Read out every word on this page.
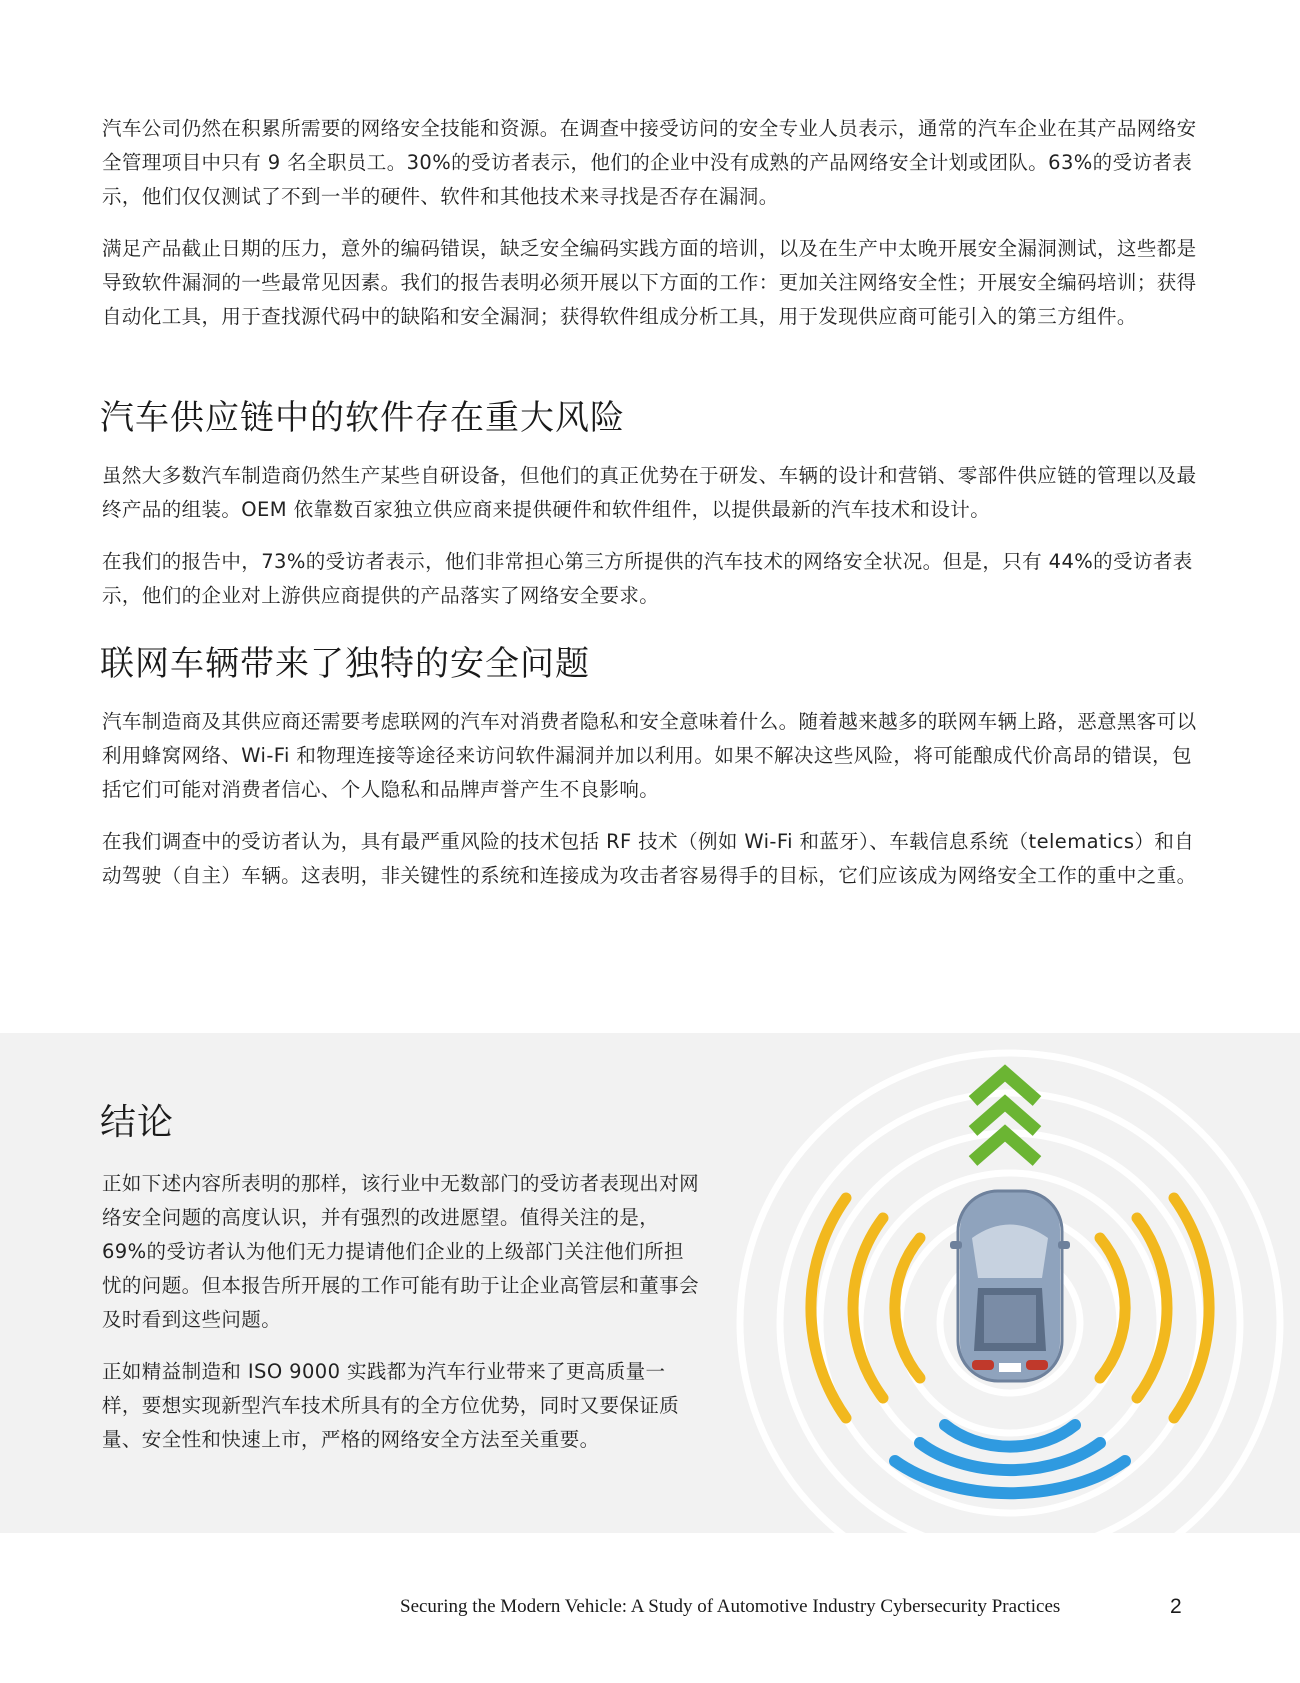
汽车公司仍然在积累所需要的网络安全技能和资源。在调查中接受访问的安全专业人员表示，通常的汽车企业在其产品网络安全管理项目中只有 9 名全职员工。30%的受访者表示，他们的企业中没有成熟的产品网络安全计划或团队。63%的受访者表示，他们仅仅测试了不到一半的硬件、软件和其他技术来寻找是否存在漏洞。

满足产品截止日期的压力，意外的编码错误，缺乏安全编码实践方面的培训，以及在生产中太晚开展安全漏洞测试，这些都是导致软件漏洞的一些最常见因素。我们的报告表明必须开展以下方面的工作：更加关注网络安全性；开展安全编码培训；获得自动化工具，用于查找源代码中的缺陷和安全漏洞；获得软件组成分析工具，用于发现供应商可能引入的第三方组件。

汽车供应链中的软件存在重大风险

虽然大多数汽车制造商仍然生产某些自研设备，但他们的真正优势在于研发、车辆的设计和营销、零部件供应链的管理以及最终产品的组装。OEM 依靠数百家独立供应商来提供硬件和软件组件，以提供最新的汽车技术和设计。

在我们的报告中，73%的受访者表示，他们非常担心第三方所提供的汽车技术的网络安全状况。但是，只有 44%的受访者表示，他们的企业对上游供应商提供的产品落实了网络安全要求。

联网车辆带来了独特的安全问题

汽车制造商及其供应商还需要考虑联网的汽车对消费者隐私和安全意味着什么。随着越来越多的联网车辆上路，恶意黑客可以利用蜂窝网络、Wi-Fi 和物理连接等途径来访问软件漏洞并加以利用。如果不解决这些风险，将可能酿成代价高昂的错误，包括它们可能对消费者信心、个人隐私和品牌声誉产生不良影响。

在我们调查中的受访者认为，具有最严重风险的技术包括 RF 技术（例如 Wi-Fi 和蓝牙）、车载信息系统（telematics）和自动驾驶（自主）车辆。这表明，非关键性的系统和连接成为攻击者容易得手的目标，它们应该成为网络安全工作的重中之重。

结论

正如下述内容所表明的那样，该行业中无数部门的受访者表现出对网络安全问题的高度认识，并有强烈的改进愿望。值得关注的是，69%的受访者认为他们无力提请他们企业的上级部门关注他们所担忧的问题。但本报告所开展的工作可能有助于让企业高管层和董事会及时看到这些问题。

正如精益制造和 ISO 9000 实践都为汽车行业带来了更高质量一样，要想实现新型汽车技术所具有的全方位优势，同时又要保证质量、安全性和快速上市，严格的网络安全方法至关重要。

Securing the Modern Vehicle: A Study of Automotive Industry Cybersecurity Practices	2
